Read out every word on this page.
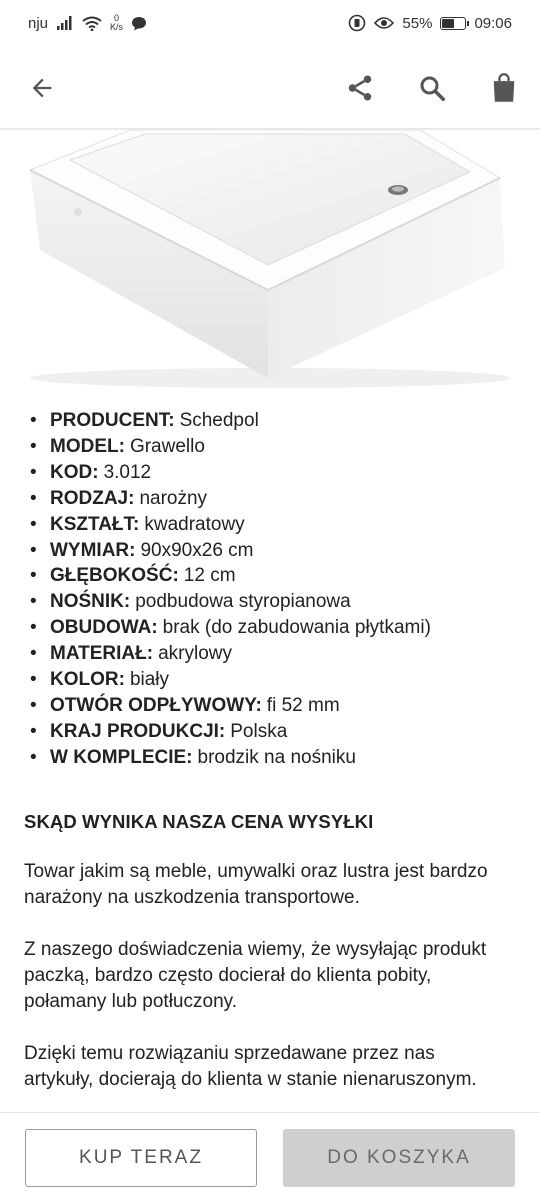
nju	0
K/s	55%	09:06
• PRODUCENT: Schedpol
• MODEL: Grawello
• KOD: 3.012
• RODZAJ: narożny
• KSZTAŁT: kwadratowy
• WYMIAR: 90x90x26 cm
• GŁĘBOKOŚĆ: 12 cm
• NOŚNIK: podbudowa styropianowa
• OBUDOWA: brak (do zabudowania płytkami)
• MATERIAŁ: akrylowy
• KOLOR: biały
• OTWÓR ODPŁYWOWY: fi 52 mm
• KRAJ PRODUKCJI: Polska
• W KOMPLECIE: brodzik na nośniku
SKĄD WYNIKA NASZA CENA WYSYŁKI

Towar jakim są meble, umywalki oraz lustra jest bardzo narażony na uszkodzenia transportowe.

Z naszego doświadczenia wiemy, że wysyłając produkt paczką, bardzo często docierał do klienta pobity, połamany lub potłuczony.

Dzięki temu rozwiązaniu sprzedawane przez nas artykuły, docierają do klienta w stanie nienaruszonym.

KUP TERAZ	DO KOSZYKA
